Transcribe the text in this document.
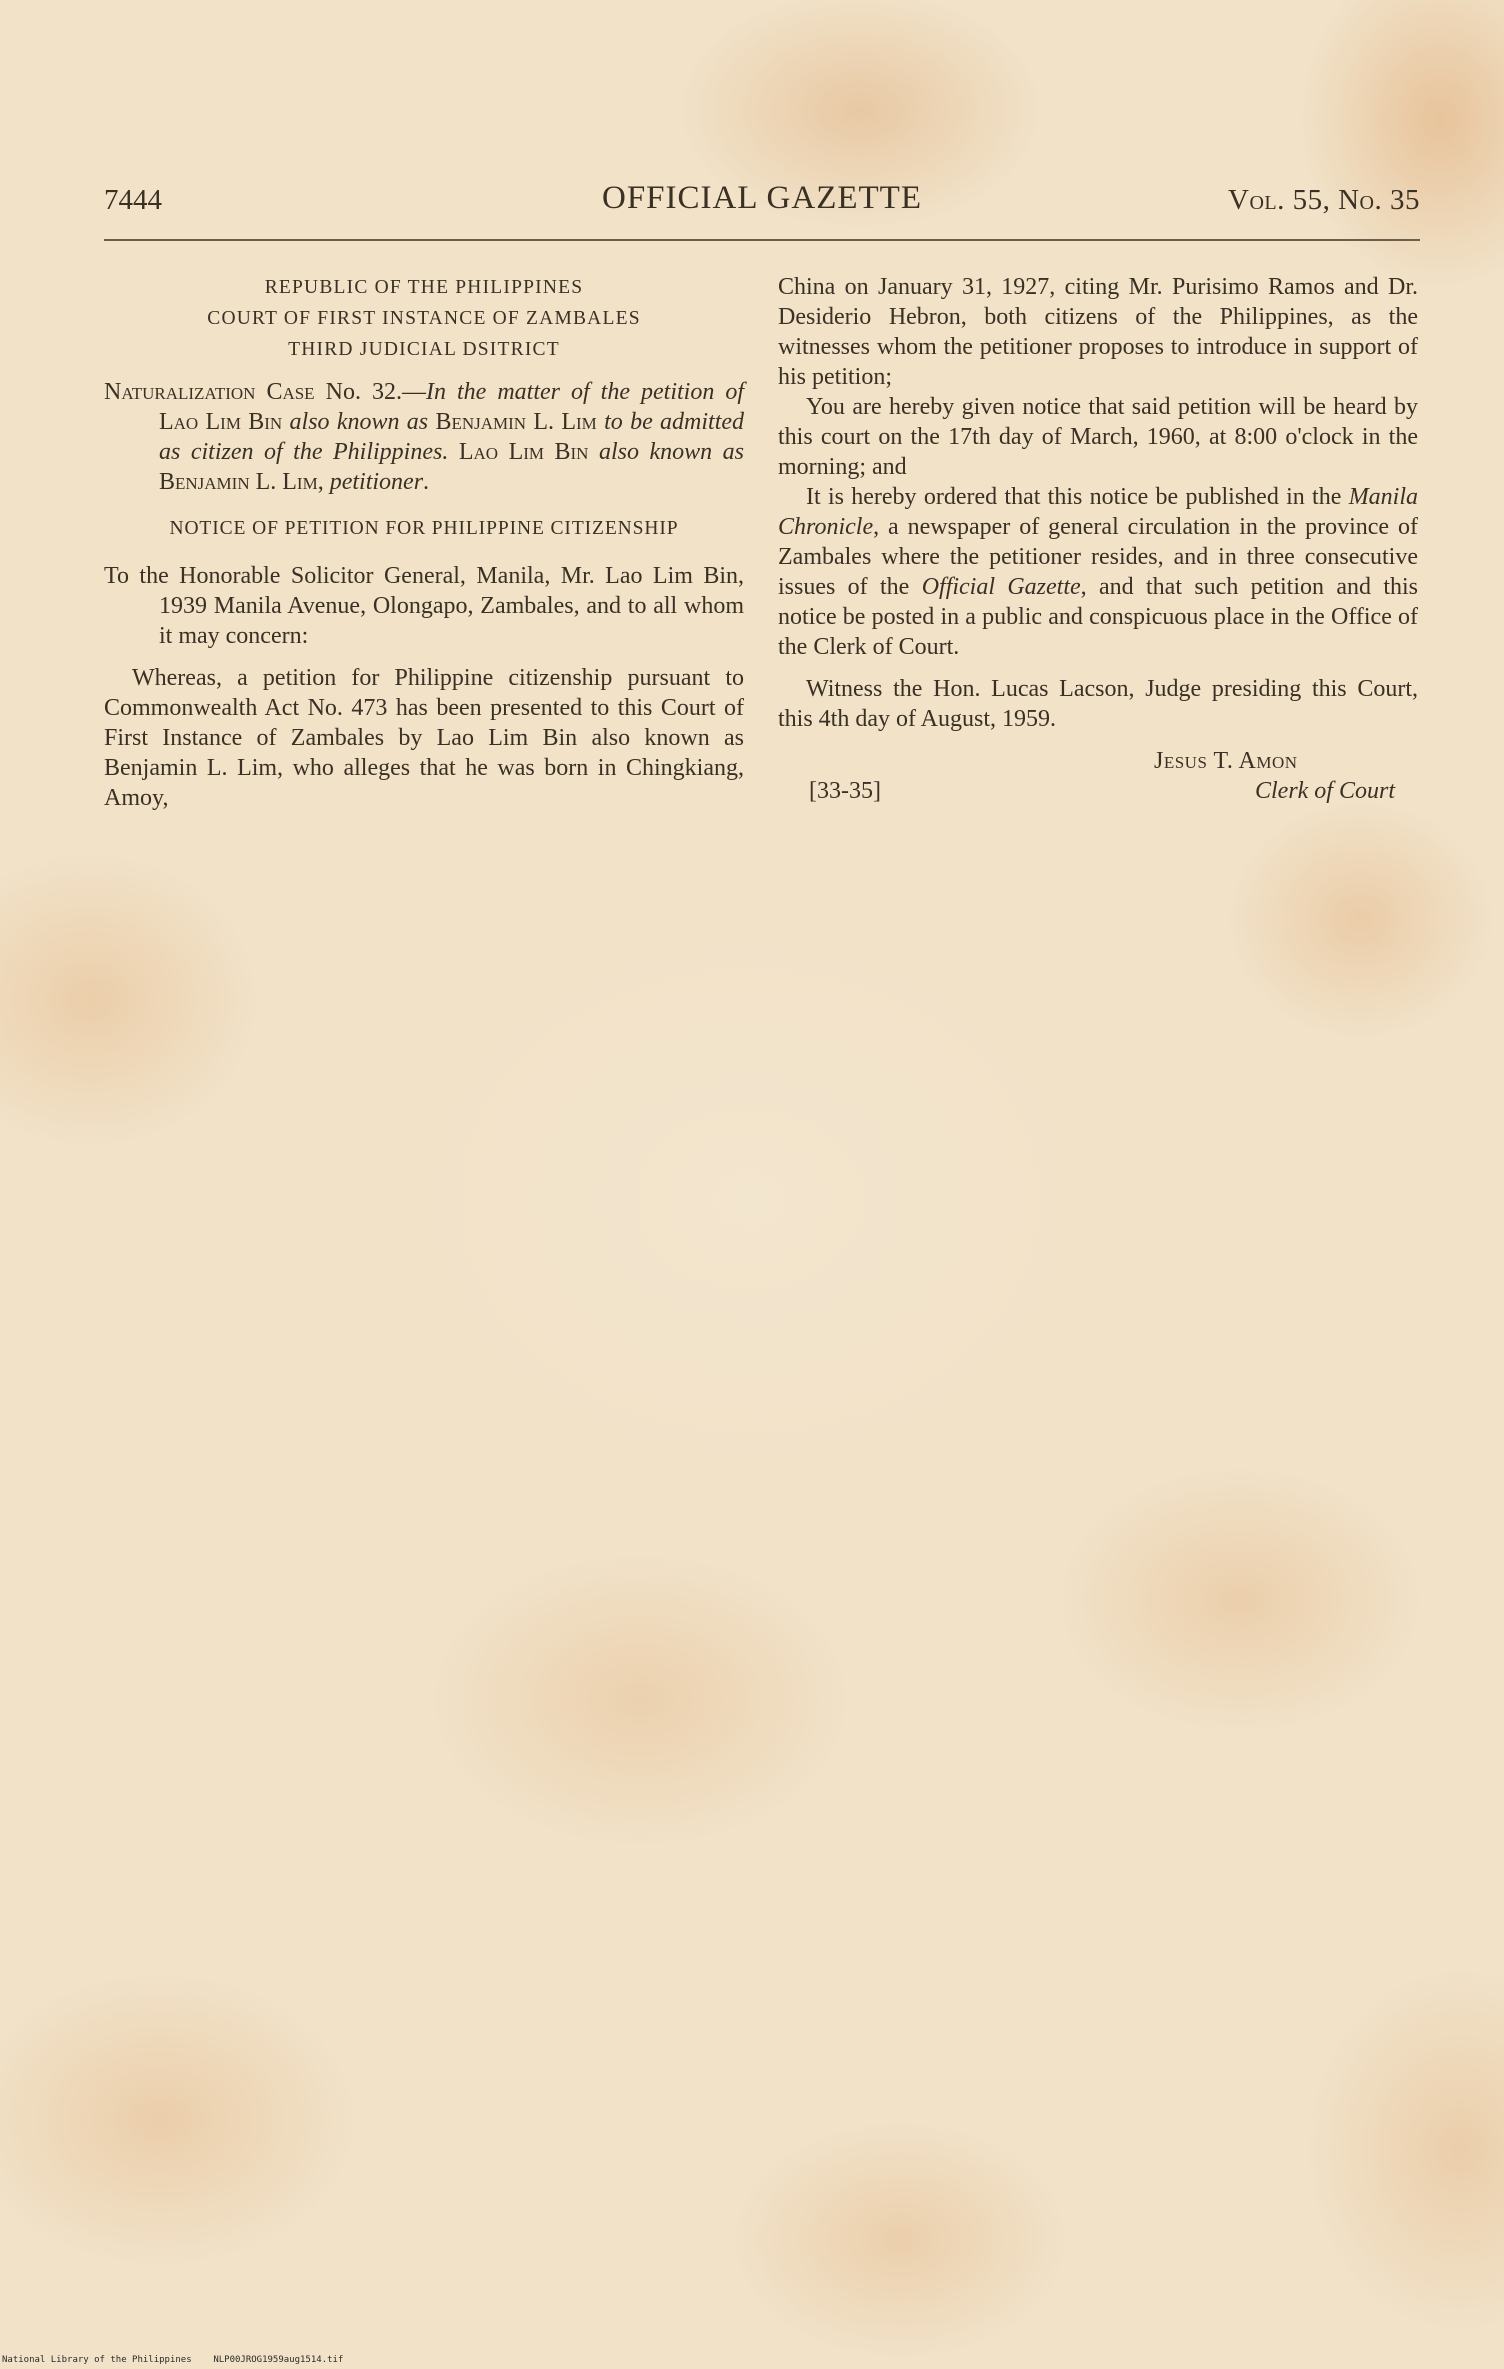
7444	OFFICIAL GAZETTE	Vol. 55, No. 35
REPUBLIC OF THE PHILIPPINES
COURT OF FIRST INSTANCE OF ZAMBALES
THIRD JUDICIAL DSITRICT

Naturalization Case No. 32.—In the matter of the petition of Lao Lim Bin also known as Benjamin L. Lim to be admitted as citizen of the Philippines. Lao Lim Bin also known as Benjamin L. Lim, petitioner.

NOTICE OF PETITION FOR PHILIPPINE CITIZENSHIP

To the Honorable Solicitor General, Manila, Mr. Lao Lim Bin, 1939 Manila Avenue, Olongapo, Zambales, and to all whom it may concern:

Whereas, a petition for Philippine citizenship pursuant to Commonwealth Act No. 473 has been presented to this Court of First Instance of Zambales by Lao Lim Bin also known as Benjamin L. Lim, who alleges that he was born in Chingkiang, Amoy,

China on January 31, 1927, citing Mr. Purisimo Ramos and Dr. Desiderio Hebron, both citizens of the Philippines, as the witnesses whom the petitioner proposes to introduce in support of his petition;

You are hereby given notice that said petition will be heard by this court on the 17th day of March, 1960, at 8:00 o'clock in the morning; and

It is hereby ordered that this notice be published in the Manila Chronicle, a newspaper of general circulation in the province of Zambales where the petitioner resides, and in three consecutive issues of the Official Gazette, and that such petition and this notice be posted in a public and conspicuous place in the Office of the Clerk of Court.

Witness the Hon. Lucas Lacson, Judge presiding this Court, this 4th day of August, 1959.

Jesus T. Amon
[33-35]	Clerk of Court
National Library of the Philippines    NLP00JROG1959aug1514.tif
